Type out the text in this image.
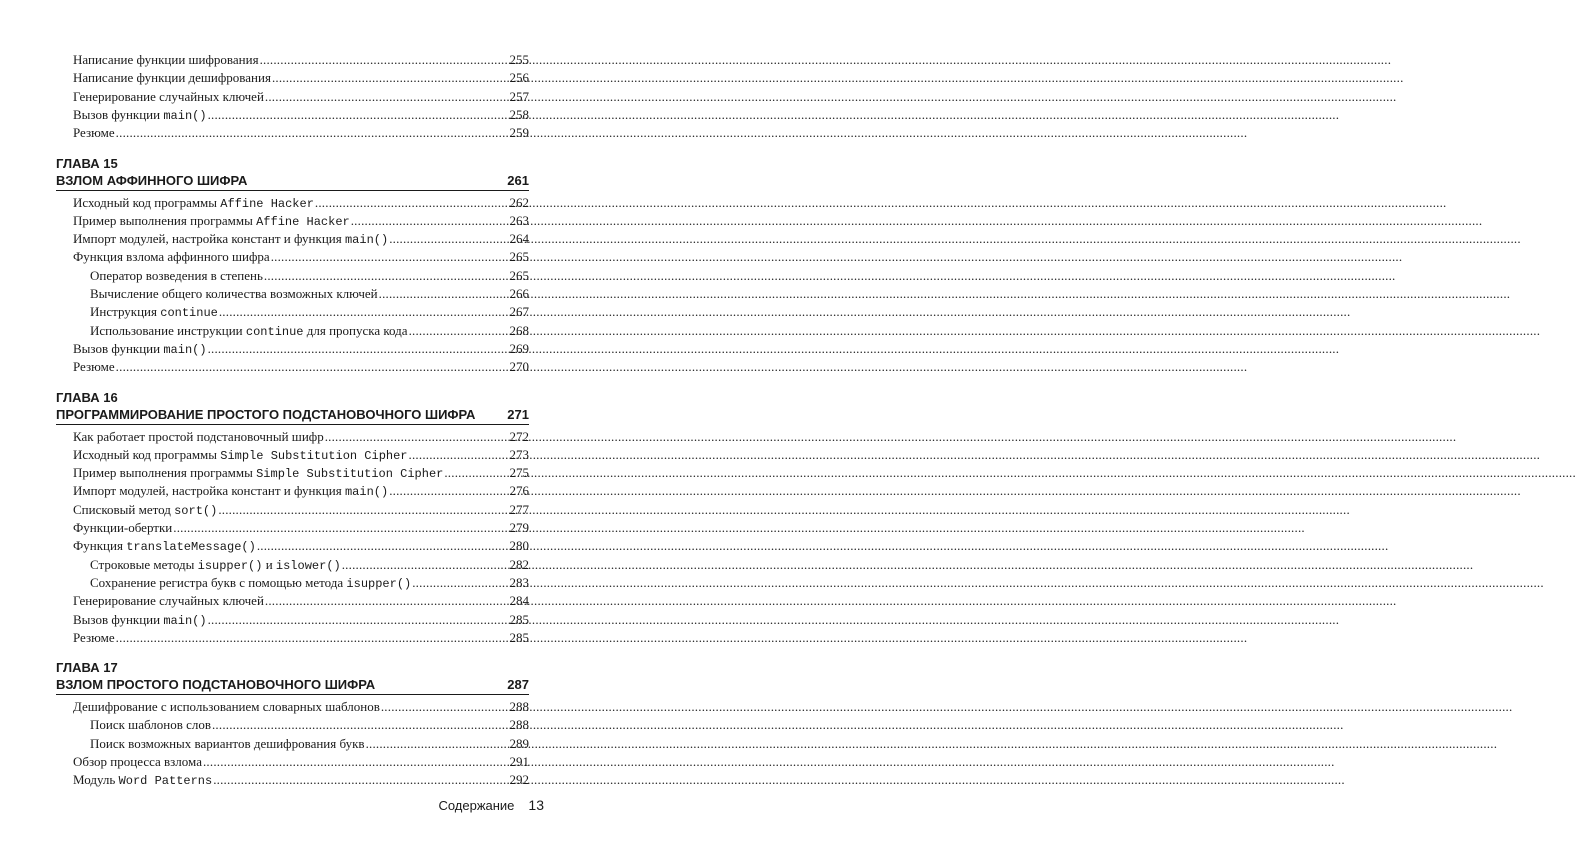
Написание функции шифрования .....	255
Написание функции дешифрования .....	256
Генерирование случайных ключей .....	257
Вызов функции main() .....	258
Резюме .....	259
ГЛАВА 15
ВЗЛОМ АФФИННОГО ШИФРА	261
Исходный код программы Affine Hacker .....	262
Пример выполнения программы Affine Hacker .....	263
Импорт модулей, настройка констант и функция main() .....	264
Функция взлома аффинного шифра .....	265
Оператор возведения в степень .....	265
Вычисление общего количества возможных ключей .....	266
Инструкция continue .....	267
Использование инструкции continue для пропуска кода .....	268
Вызов функции main() .....	269
Резюме .....	270
ГЛАВА 16
ПРОГРАММИРОВАНИЕ ПРОСТОГО ПОДСТАНОВОЧНОГО ШИФРА 271
Как работает простой подстановочный шифр .....	272
Исходный код программы Simple Substitution Cipher .....	273
Пример выполнения программы Simple Substitution Cipher .....	275
Импорт модулей, настройка констант и функция main() .....	276
Списковый метод sort() .....	277
Функции-обертки .....	279
Функция translateMessage() .....	280
Строковые методы isupper() и islower() .....	282
Сохранение регистра букв с помощью метода isupper() .....	283
Генерирование случайных ключей .....	284
Вызов функции main() .....	285
Резюме .....	285
ГЛАВА 17
ВЗЛОМ ПРОСТОГО ПОДСТАНОВОЧНОГО ШИФРА	287
Дешифрование с использованием словарных шаблонов .....	288
Поиск шаблонов слов .....	288
Поиск возможных вариантов дешифрования букв .....	289
Обзор процесса взлома .....	291
Модуль Word Patterns .....	292
Содержание 13
